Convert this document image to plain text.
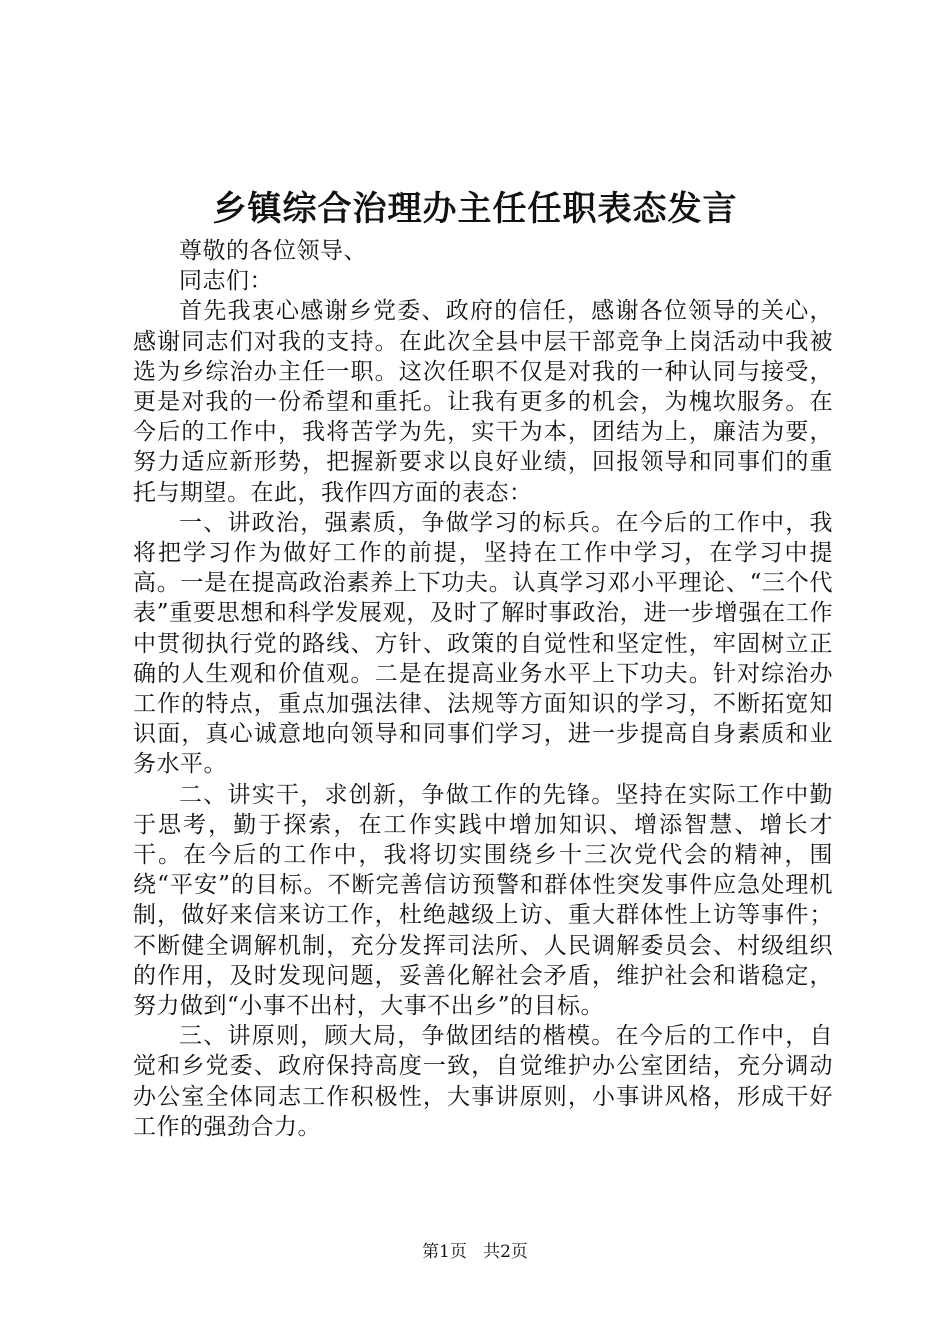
乡镇综合治理办主任任职表态发言

尊敬的各位领导、

同志们：

首先我衷心感谢乡党委、政府的信任，感谢各位领导的关心，感谢同志们对我的支持。在此次全县中层干部竞争上岗活动中我被选为乡综治办主任一职。这次任职不仅是对我的一种认同与接受，更是对我的一份希望和重托。让我有更多的机会，为槐坎服务。在今后的工作中，我将苦学为先，实干为本，团结为上，廉洁为要，努力适应新形势，把握新要求以良好业绩，回报领导和同事们的重托与期望。在此，我作四方面的表态：

一、讲政治，强素质，争做学习的标兵。在今后的工作中，我将把学习作为做好工作的前提，坚持在工作中学习，在学习中提高。一是在提高政治素养上下功夫。认真学习邓小平理论、“三个代表”重要思想和科学发展观，及时了解时事政治，进一步增强在工作中贯彻执行党的路线、方针、政策的自觉性和坚定性，牢固树立正确的人生观和价值观。二是在提高业务水平上下功夫。针对综治办工作的特点，重点加强法律、法规等方面知识的学习，不断拓宽知识面，真心诚意地向领导和同事们学习，进一步提高自身素质和业务水平。

二、讲实干，求创新，争做工作的先锋。坚持在实际工作中勤于思考，勤于探索，在工作实践中增加知识、增添智慧、增长才干。在今后的工作中，我将切实围绕乡十三次党代会的精神，围绕“平安”的目标。不断完善信访预警和群体性突发事件应急处理机制，做好来信来访工作，杜绝越级上访、重大群体性上访等事件；不断健全调解机制，充分发挥司法所、人民调解委员会、村级组织的作用，及时发现问题，妥善化解社会矛盾，维护社会和谐稳定，努力做到“小事不出村，大事不出乡”的目标。

三、讲原则，顾大局，争做团结的楷模。在今后的工作中，自觉和乡党委、政府保持高度一致，自觉维护办公室团结，充分调动办公室全体同志工作积极性，大事讲原则，小事讲风格，形成干好工作的强劲合力。

第1页 共2页
